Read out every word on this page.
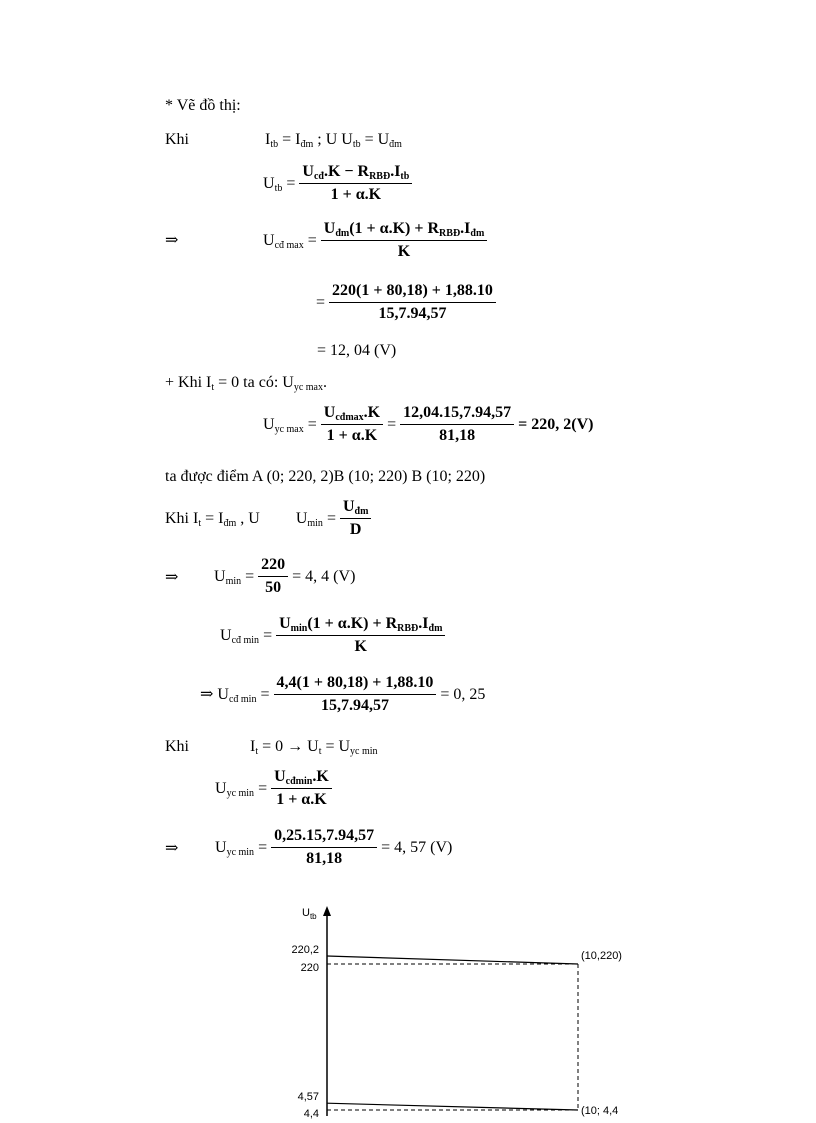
* Vẽ đồ thị:
Khi	$I_{tb} = I_{đm}$ ; U $U_{tb} = U_{đm}$
$U_{tb} = \frac{U_{cđ}.K - R_{RBĐ}.I_{tb}}{1 + \alpha.K}$
⇒	$U_{cđ max} = \frac{U_{đm}(1 + \alpha.K) + R_{RBĐ}.I_{đm}}{K}$
= $\frac{220(1 + 80,18) + 1,88.10}{15,7.94,57}$
= 12, 04 (V)
+ Khi $I_t = 0$ ta có: $U_{yc max}$.
$U_{yc max} = \frac{U_{cđmax}.K}{1 + \alpha.K} = \frac{12,04.15,7.94,57}{81,18} = 220$, 2(V)
ta được điểm A (0; 220, 2)B (10; 220) B (10; 220)
Khi $I_t = I_{đm}$ , U $U_{min} = \frac{U_{đm}}{D}$
⇒ $U_{min} = \frac{220}{50} = 4$, 4 (V)
$U_{cđ min} = \frac{U_{min}(1 + \alpha.K) + R_{RBĐ}.I_{đm}}{K}$
⇒ $U_{cđ min} = \frac{4,4(1 + 80,18) + 1,88.10}{15,7.94,57} = 0$, 25
Khi	$I_t = 0 \to U_t = U_{yc min}$
$U_{yc min} = \frac{U_{cđmin}.K}{1 + \alpha.K}$
⇒ $U_{yc min} = \frac{0,25.15,7.94,57}{81,18} = 4$, 57 (V)
$U_{tb}$
220,2
220
4,57
4,4
(10,220)
(10; 4,4
